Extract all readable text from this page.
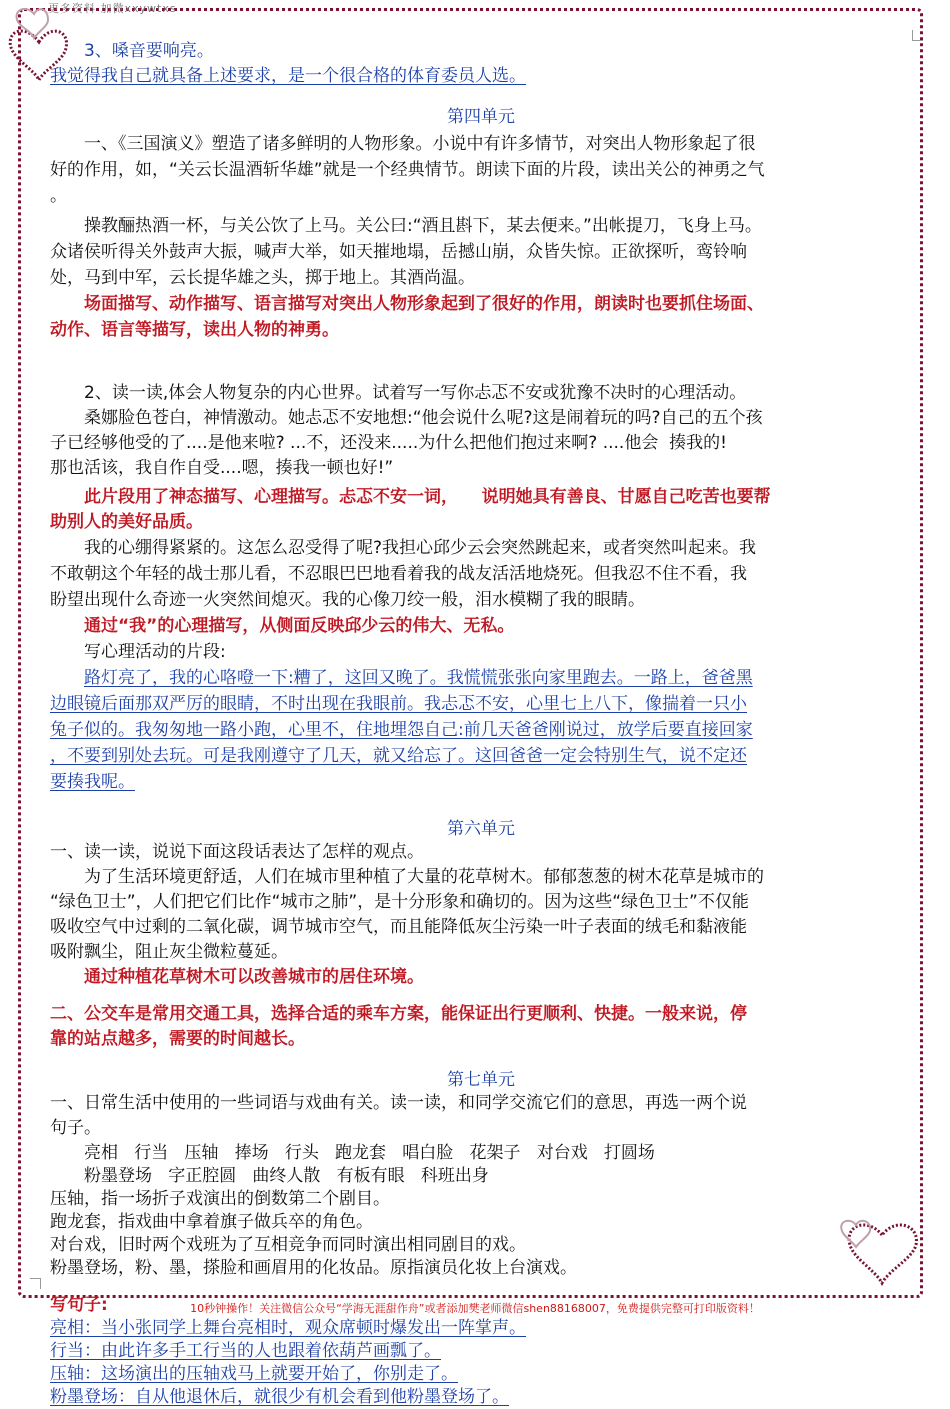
更多资料 加微xxywtxs

3、嗓音要响亮。

我觉得我自己就具备上述要求，是一个很合格的体育委员人选。

第四单元

一、《三国演义》塑造了诸多鲜明的人物形象。小说中有许多情节，对突出人物形象起了很

好的作用，如，“关云长温酒斩华雄”就是一个经典情节。朗读下面的片段，读出关公的神勇之气

。

操教酾热酒一杯，与关公饮了上马。关公曰:“酒且斟下，某去便来。”出帐提刀，飞身上马。

众诸侯听得关外鼓声大振，喊声大举，如天摧地塌，岳撼山崩，众皆失惊。正欲探听，鸾铃响

处，马到中军，云长提华雄之头，掷于地上。其酒尚温。

场面描写、动作描写、语言描写对突出人物形象起到了很好的作用，朗读时也要抓住场面、

动作、语言等描写，读出人物的神勇。

2、读一读,体会人物复杂的内心世界。试着写一写你忐忑不安或犹豫不决时的心理活动。

桑娜脸色苍白，神情激动。她忐忑不安地想:“他会说什么呢?这是闹着玩的吗?自己的五个孩

子已经够他受的了....是他来啦? ...不，还没来.....为什么把他们抱过来啊? ....他会  揍我的!

那也活该，我自作自受....嗯，揍我一顿也好!”

此片段用了神态描写、心理描写。忐忑不安一词，    说明她具有善良、甘愿自己吃苦也要帮

助别人的美好品质。

我的心绷得紧紧的。这怎么忍受得了呢?我担心邱少云会突然跳起来，或者突然叫起来。我

不敢朝这个年轻的战士那儿看，不忍眼巴巴地看着我的战友活活地烧死。但我忍不住不看，我

盼望出现什么奇迹一火突然间熄灭。我的心像刀绞一般，泪水模糊了我的眼睛。

通过“我”的心理描写，从侧面反映邱少云的伟大、无私。

写心理活动的片段:

路灯亮了，我的心咯噔一下:糟了，这回又晚了。我慌慌张张向家里跑去。一路上，爸爸黑

边眼镜后面那双严厉的眼睛，不时出现在我眼前。我忐忑不安，心里七上八下，像揣着一只小

兔子似的。我匆匆地一路小跑，心里不，住地埋怨自己:前几天爸爸刚说过，放学后要直接回家

，不要到别处去玩。可是我刚遵守了几天，就又给忘了。这回爸爸一定会特别生气，说不定还

要揍我呢。

第六单元

一、读一读，说说下面这段话表达了怎样的观点。

为了生活环境更舒适，人们在城市里种植了大量的花草树木。郁郁葱葱的树木花草是城市的

“绿色卫士”，人们把它们比作“城市之肺”，是十分形象和确切的。因为这些“绿色卫士”不仅能

吸收空气中过剩的二氧化碳，调节城市空气，而且能降低灰尘污染一叶子表面的绒毛和黏液能

吸附飘尘，阻止灰尘微粒蔓延。

通过种植花草树木可以改善城市的居住环境。

二、公交车是常用交通工具，选择合适的乘车方案，能保证出行更顺利、快捷。一般来说，停

靠的站点越多，需要的时间越长。

第七单元

一、日常生活中使用的一些词语与戏曲有关。读一读，和同学交流它们的意思，再选一两个说

句子。

亮相   行当   压轴   捧场   行头   跑龙套   唱白脸   花架子   对台戏   打圆场

粉墨登场   字正腔圆   曲终人散   有板有眼   科班出身

压轴，指一场折子戏演出的倒数第二个剧目。

跑龙套，指戏曲中拿着旗子做兵卒的角色。

对台戏，旧时两个戏班为了互相竞争而同时演出相同剧目的戏。

粉墨登场，粉、墨，搽脸和画眉用的化妆品。原指演员化妆上台演戏。

写句子:

亮相：当小张同学上舞台亮相时，观众席顿时爆发出一阵掌声。

行当：由此许多手工行当的人也跟着依葫芦画瓢了。

压轴：这场演出的压轴戏马上就要开始了，你别走了。

粉墨登场：自从他退休后，就很少有机会看到他粉墨登场了。

10秒钟操作！关注微信公众号“学海无涯甜作舟”或者添加樊老师微信shen88168007，免费提供完整可打印版资料！
